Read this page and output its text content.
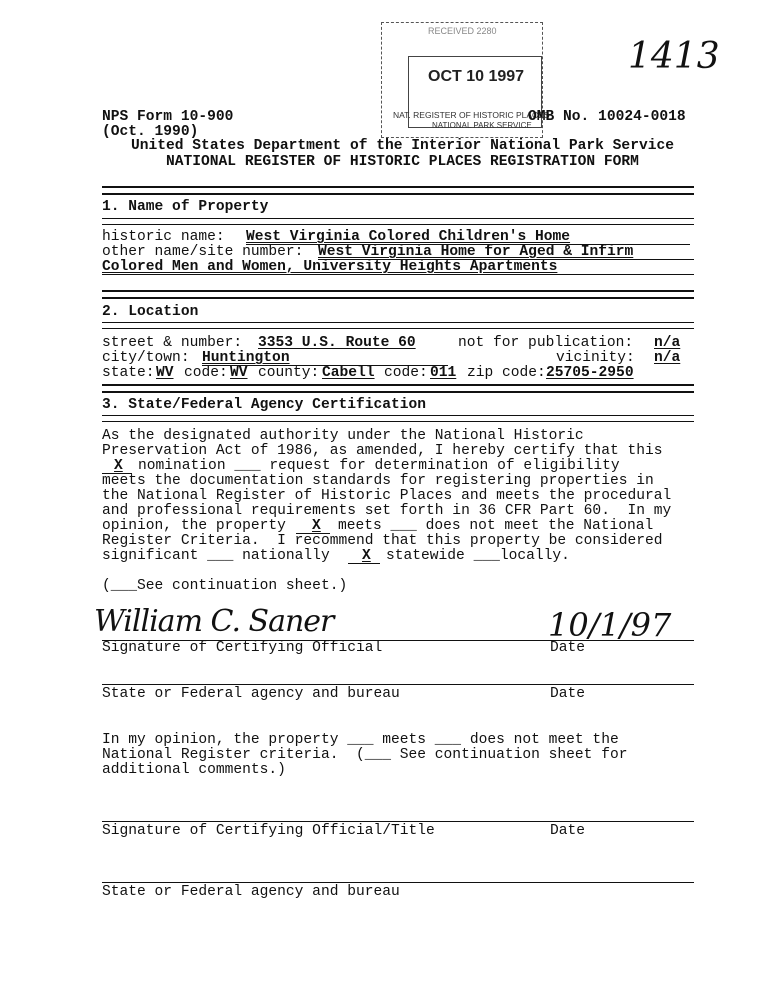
RECEIVED 2280
OCT 10 1997
NAT. REGISTER OF HISTORIC PLACES
NATIONAL PARK SERVICE
1413
NPS Form 10-900
(Oct. 1990)
OMB No. 10024-0018
United States Department of the Interior National Park Service
NATIONAL REGISTER OF HISTORIC PLACES REGISTRATION FORM
1. Name of Property
historic name: West Virginia Colored Children's Home
other name/site number: West Virginia Home for Aged & Infirm
Colored Men and Women, University Heights Apartments
2. Location
street & number: 3353 U.S. Route 60	not for publication: n/a
city/town: Huntington	vicinity: n/a
state: WV code: WV county: Cabell code: 011 zip code: 25705-2950
3. State/Federal Agency Certification
As the designated authority under the National Historic
Preservation Act of 1986, as amended, I hereby certify that this
X nomination ___ request for determination of eligibility
meets the documentation standards for registering properties in
the National Register of Historic Places and meets the procedural
and professional requirements set forth in 36 CFR Part 60.  In my
opinion, the property X meets ___ does not meet the National
Register Criteria.  I recommend that this property be considered
significant ___ nationally X statewide ___locally.
(___See continuation sheet.)
William C. Saner	10/1/97
Signature of Certifying Official	Date
State or Federal agency and bureau	Date
In my opinion, the property ___ meets ___ does not meet the
National Register criteria.  (___ See continuation sheet for
additional comments.)
Signature of Certifying Official/Title	Date
State or Federal agency and bureau
